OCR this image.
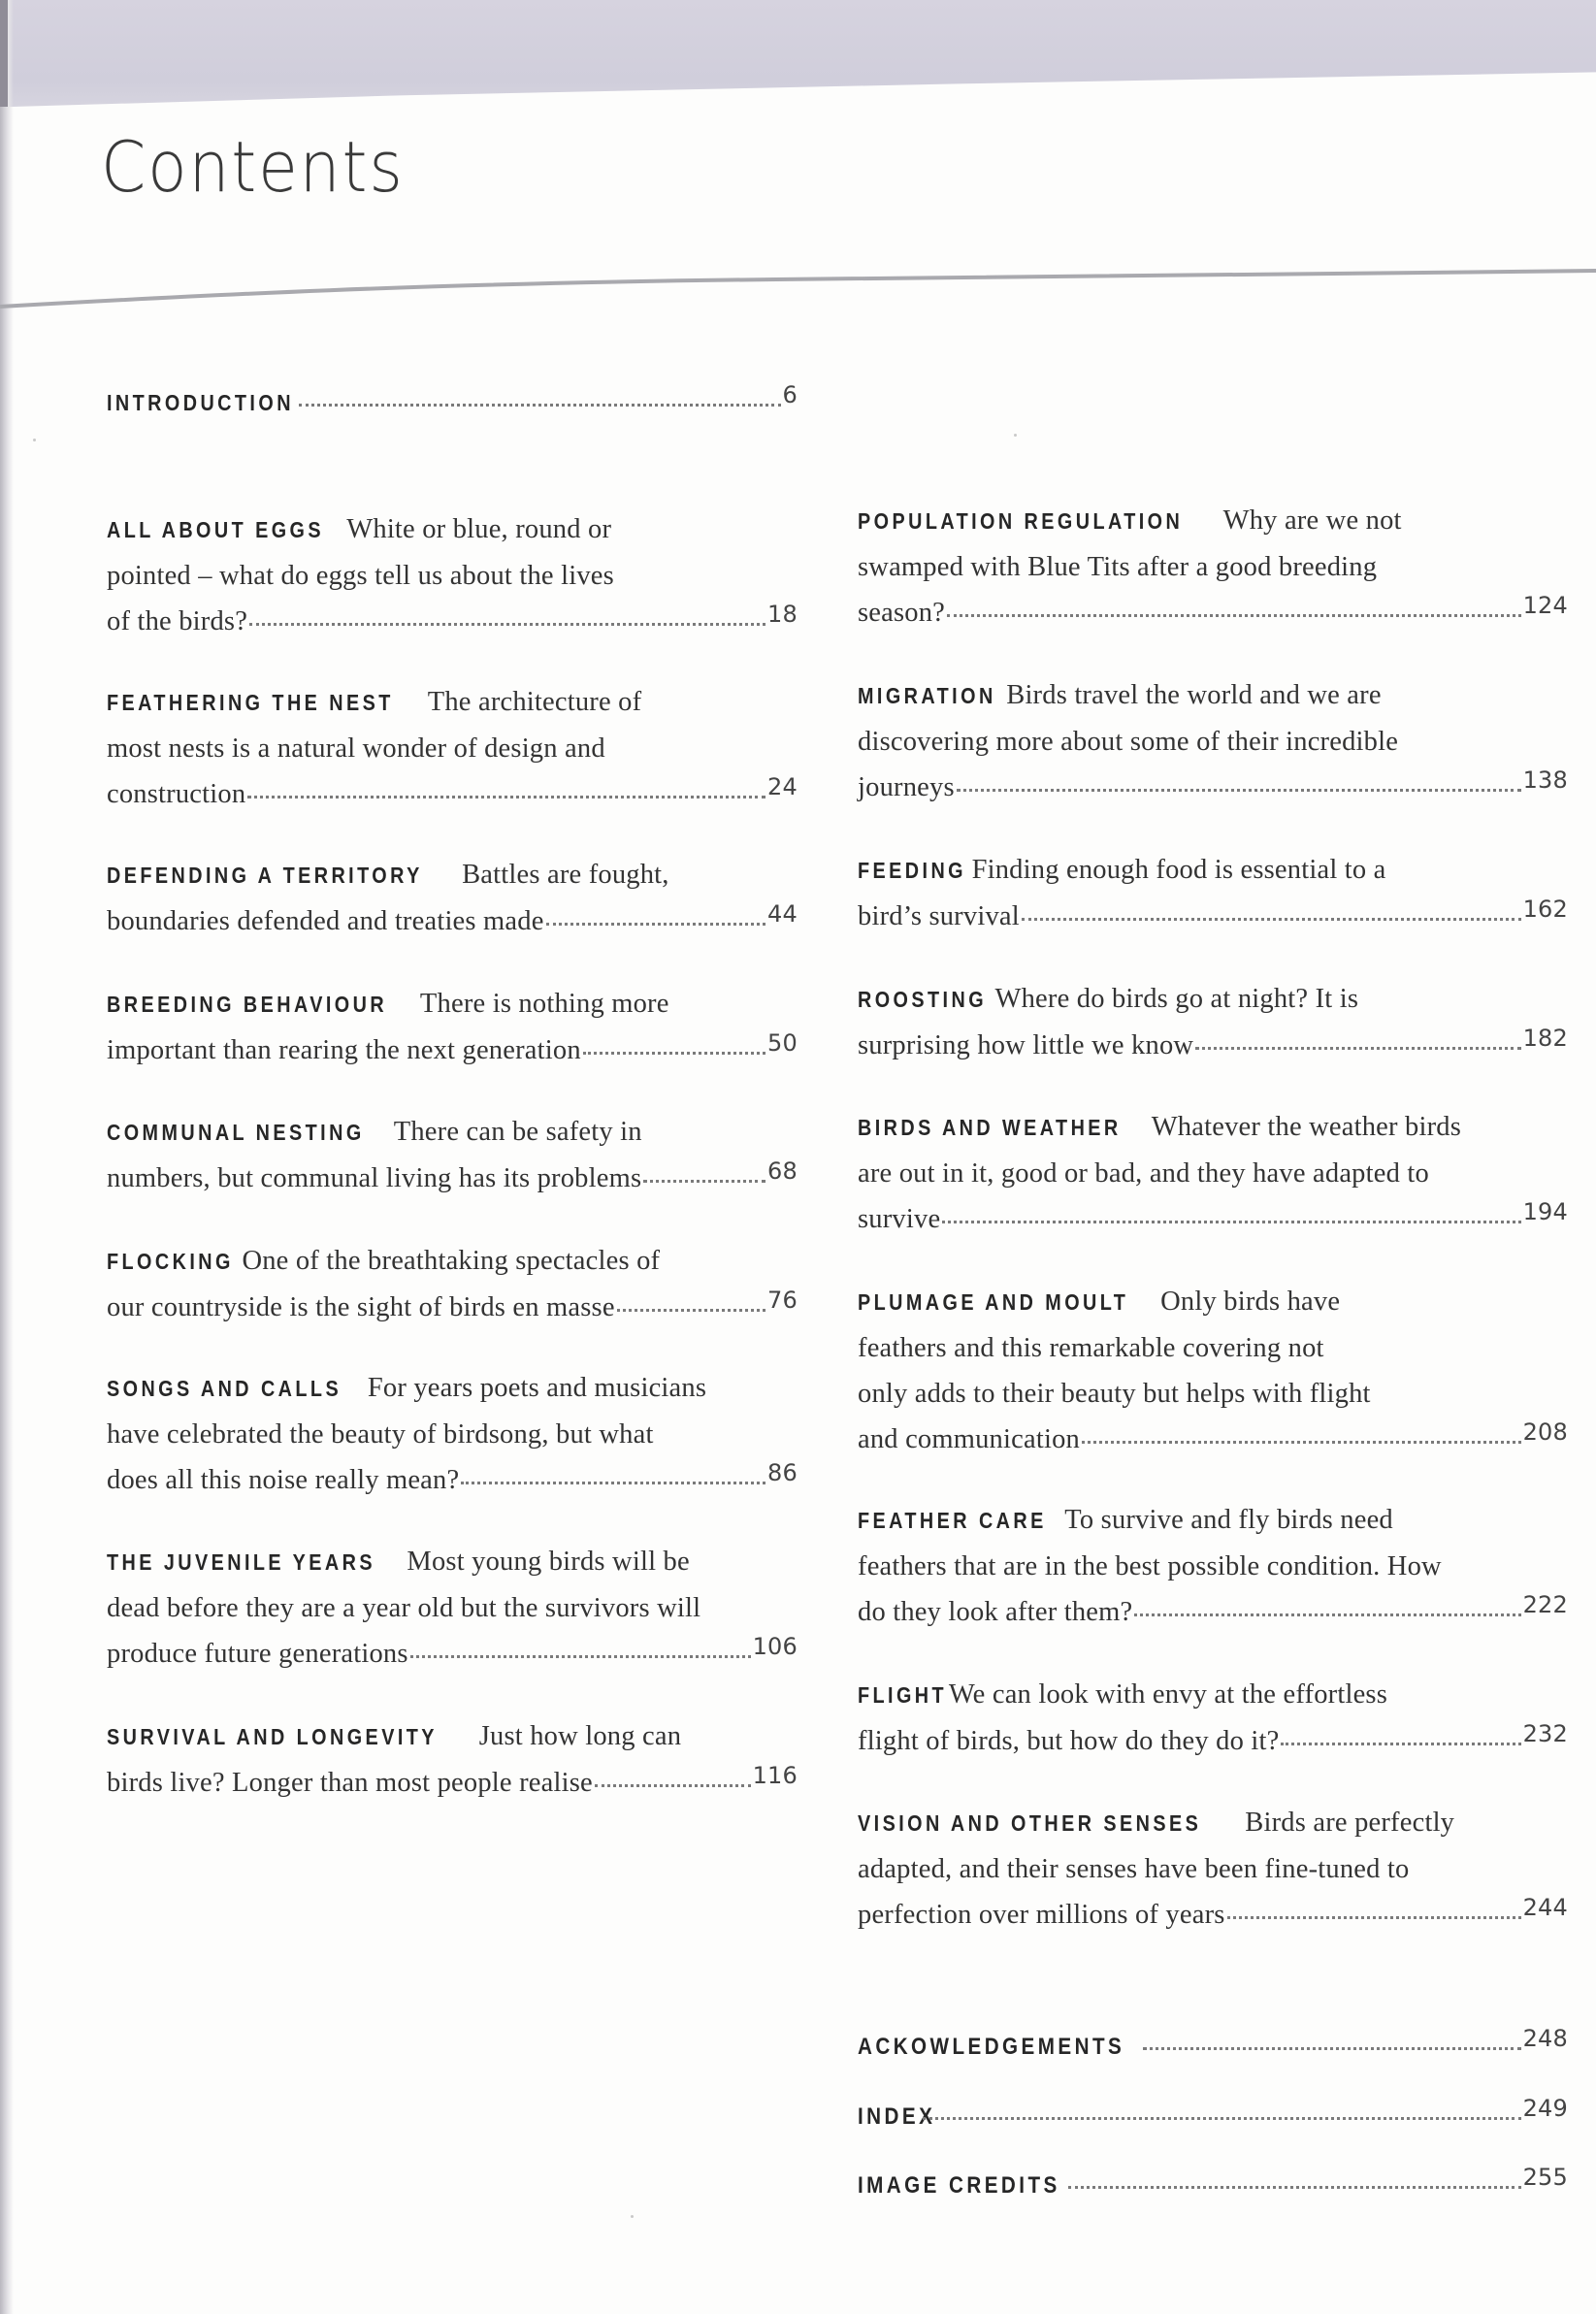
Contents
INTRODUCTION	6
ALL ABOUT EGGS White or blue, round or
pointed – what do eggs tell us about the lives
of the birds?	18
FEATHERING THE NEST The architecture of
most nests is a natural wonder of design and
construction	24
DEFENDING A TERRITORY Battles are fought,
boundaries defended and treaties made	44
BREEDING BEHAVIOUR There is nothing more
important than rearing the next generation	50
COMMUNAL NESTING There can be safety in
numbers, but communal living has its problems	68
FLOCKING One of the breathtaking spectacles of
our countryside is the sight of birds en masse	76
SONGS AND CALLS For years poets and musicians
have celebrated the beauty of birdsong, but what
does all this noise really mean?	86
THE JUVENILE YEARS Most young birds will be
dead before they are a year old but the survivors will
produce future generations	106
SURVIVAL AND LONGEVITY Just how long can
birds live? Longer than most people realise	116
POPULATION REGULATION Why are we not
swamped with Blue Tits after a good breeding
season?	124
MIGRATION Birds travel the world and we are
discovering more about some of their incredible
journeys	138
FEEDING Finding enough food is essential to a
bird’s survival	162
ROOSTING Where do birds go at night? It is
surprising how little we know	182
BIRDS AND WEATHER Whatever the weather birds
are out in it, good or bad, and they have adapted to
survive	194
PLUMAGE AND MOULT Only birds have
feathers and this remarkable covering not
only adds to their beauty but helps with flight
and communication	208
FEATHER CARE To survive and fly birds need
feathers that are in the best possible condition. How
do they look after them?	222
FLIGHT We can look with envy at the effortless
flight of birds, but how do they do it?	232
VISION AND OTHER SENSES Birds are perfectly
adapted, and their senses have been fine-tuned to
perfection over millions of years	244
ACKOWLEDGEMENTS	248
INDEX	249
IMAGE CREDITS	255
